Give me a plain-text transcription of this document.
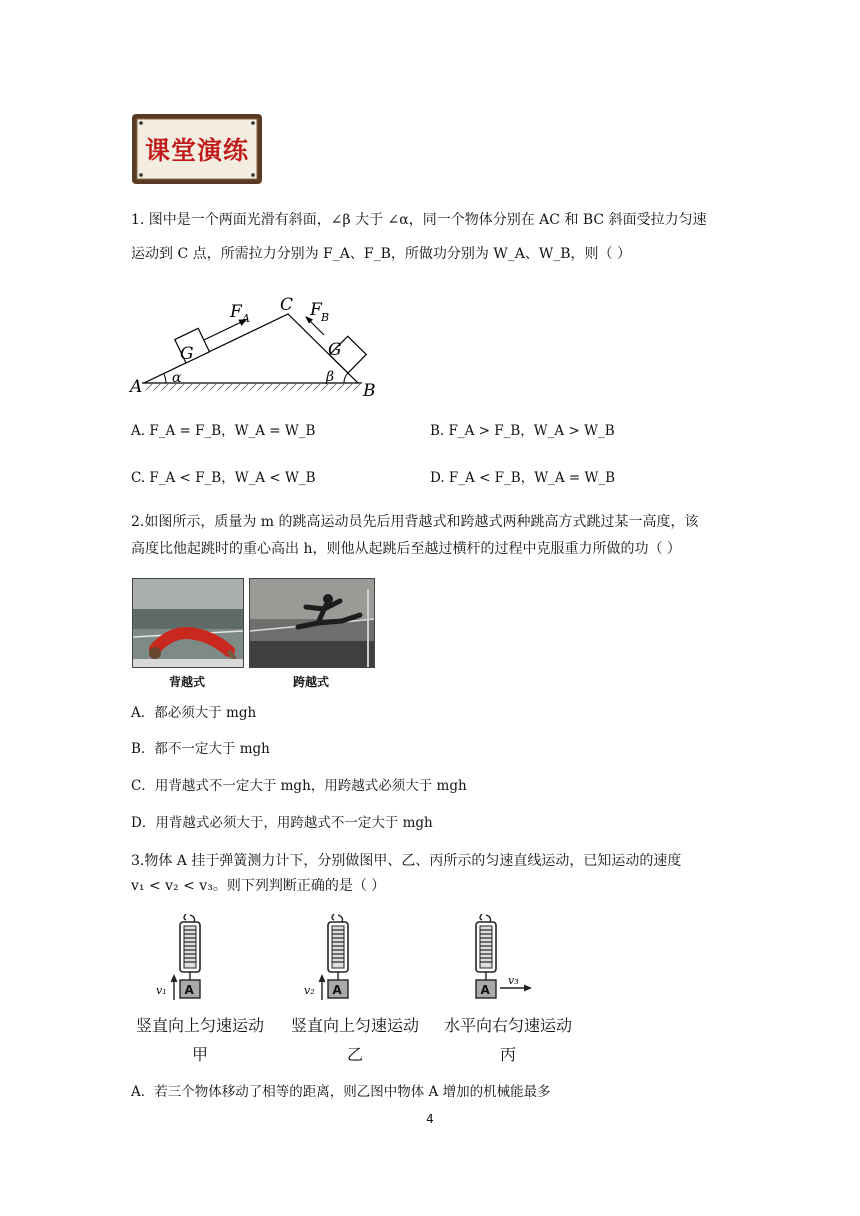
课堂演练
1. 图中是一个两面光滑有斜面，∠β 大于 ∠α，同一个物体分别在 AC 和 BC 斜面受拉力匀速
运动到 C 点，所需拉力分别为 F_A、F_B，所做功分别为 W_A、W_B，则（ ）
A	B
C
α	β
F A	F B
G	G
A. F_A = F_B，W_A = W_B	B. F_A > F_B，W_A > W_B
C. F_A < F_B，W_A < W_B	D. F_A < F_B，W_A = W_B
2.如图所示，质量为 m 的跳高运动员先后用背越式和跨越式两种跳高方式跳过某一高度，该
高度比他起跳时的重心高出 h，则他从起跳后至越过横杆的过程中克服重力所做的功（ ）
背越式	跨越式
A．都必须大于 mgh
B．都不一定大于 mgh
C．用背越式不一定大于 mgh，用跨越式必须大于 mgh
D．用背越式必须大于，用跨越式不一定大于 mgh
3.物体 A 挂于弹簧测力计下，分别做图甲、乙、丙所示的匀速直线运动，已知运动的速度
v₁ < v₂ < v₃。则下列判断正确的是（ ）
A
v₁	A
v₂	A
v₃
竖直向上匀速运动
甲
竖直向上匀速运动
乙
水平向右匀速运动
丙
A．若三个物体移动了相等的距离，则乙图中物体 A 增加的机械能最多
4
